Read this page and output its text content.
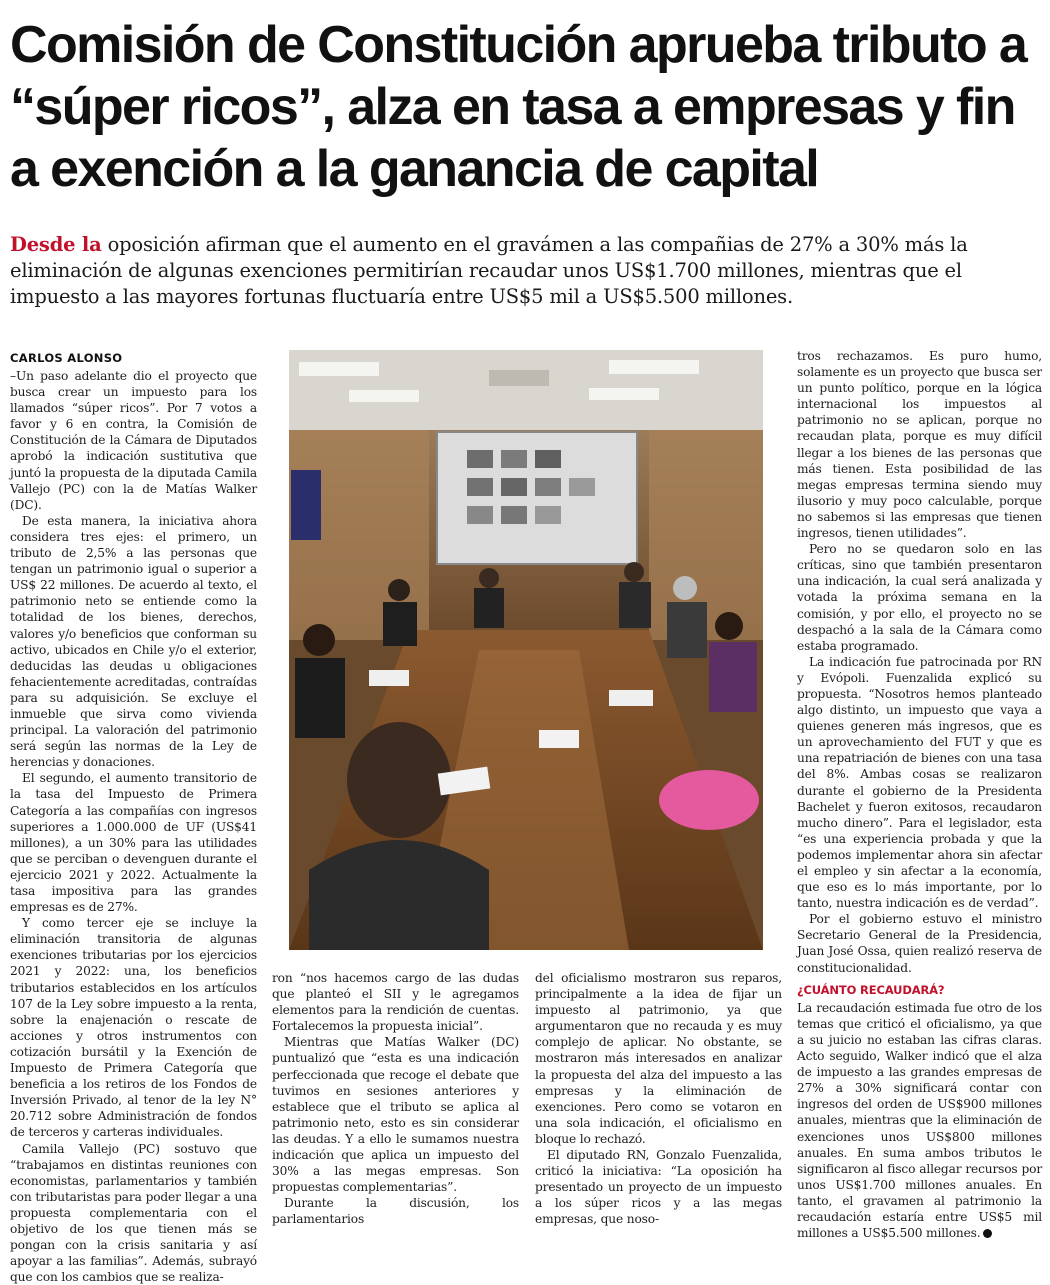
Comisión de Constitución aprueba tributo a “súper ricos”, alza en tasa a empresas y fin a exención a la ganancia de capital

Desde la oposición afirman que el aumento en el gravámen a las compañias de 27% a 30% más la eliminación de algunas exenciones permitirían recaudar unos US$1.700 millones, mientras que el impuesto a las mayores fortunas fluctuaría entre US$5 mil a US$5.500 millones.

CARLOS ALONSO

–Un paso adelante dio el proyecto que busca crear un impuesto para los llamados “súper ricos”. Por 7 votos a favor y 6 en contra, la Comisión de Constitución de la Cámara de Diputados aprobó la indicación sustitutiva que juntó la propuesta de la diputada Camila Vallejo (PC) con la de Matías Walker (DC).

De esta manera, la iniciativa ahora considera tres ejes: el primero, un tributo de 2,5% a las personas que tengan un patrimonio igual o superior a US$ 22 millones. De acuerdo al texto, el patrimonio neto se entiende como la totalidad de los bienes, derechos, valores y/o beneficios que conforman su activo, ubicados en Chile y/o el exterior, deducidas las deudas u obligaciones fehacientemente acreditadas, contraídas para su adquisición. Se excluye el inmueble que sirva como vivienda principal. La valoración del patrimonio será según las normas de la Ley de herencias y donaciones.

El segundo, el aumento transitorio de la tasa del Impuesto de Primera Categoría a las compañías con ingresos superiores a 1.000.000 de UF (US$41 millones), a un 30% para las utilidades que se perciban o devenguen durante el ejercicio 2021 y 2022. Actualmente la tasa impositiva para las grandes empresas es de 27%.

Y como tercer eje se incluye la eliminación transitoria de algunas exenciones tributarias por los ejercicios 2021 y 2022: una, los beneficios tributarios establecidos en los artículos 107 de la Ley sobre impuesto a la renta, sobre la enajenación o rescate de acciones y otros instrumentos con cotización bursátil y la Exención de Impuesto de Primera Categoría que beneficia a los retiros de los Fondos de Inversión Privado, al tenor de la ley N° 20.712 sobre Administración de fondos de terceros y carteras individuales.

Camila Vallejo (PC) sostuvo que “trabajamos en distintas reuniones con economistas, parlamentarios y también con tributaristas para poder llegar a una propuesta complementaria con el objetivo de los que tienen más se pongan con la crisis sanitaria y así apoyar a las familias”. Además, subrayó que con los cambios que se realiza-

ron “nos hacemos cargo de las dudas que planteó el SII y le agregamos elementos para la rendición de cuentas. Fortalecemos la propuesta inicial”.

Mientras que Matías Walker (DC) puntualizó que “esta es una indicación perfeccionada que recoge el debate que tuvimos en sesiones anteriores y establece que el tributo se aplica al patrimonio neto, esto es sin considerar las deudas. Y a ello le sumamos nuestra indicación que aplica un impuesto del 30% a las megas empresas. Son propuestas complementarias”.

Durante la discusión, los parlamentarios

del oficialismo mostraron sus reparos, principalmente a la idea de fijar un impuesto al patrimonio, ya que argumentaron que no recauda y es muy complejo de aplicar. No obstante, se mostraron más interesados en analizar la propuesta del alza del impuesto a las empresas y la eliminación de exenciones. Pero como se votaron en una sola indicación, el oficialismo en bloque lo rechazó.

El diputado RN, Gonzalo Fuenzalida, criticó la iniciativa: “La oposición ha presentado un proyecto de un impuesto a los súper ricos y a las megas empresas, que noso-

tros rechazamos. Es puro humo, solamente es un proyecto que busca ser un punto político, porque en la lógica internacional los impuestos al patrimonio no se aplican, porque no recaudan plata, porque es muy difícil llegar a los bienes de las personas que más tienen. Esta posibilidad de las megas empresas termina siendo muy ilusorio y muy poco calculable, porque no sabemos si las empresas que tienen ingresos, tienen utilidades”.

Pero no se quedaron solo en las críticas, sino que también presentaron una indicación, la cual será analizada y votada la próxima semana en la comisión, y por ello, el proyecto no se despachó a la sala de la Cámara como estaba programado.

La indicación fue patrocinada por RN y Evópoli. Fuenzalida explicó su propuesta. “Nosotros hemos planteado algo distinto, un impuesto que vaya a quienes generen más ingresos, que es un aprovechamiento del FUT y que es una repatriación de bienes con una tasa del 8%. Ambas cosas se realizaron durante el gobierno de la Presidenta Bachelet y fueron exitosos, recaudaron mucho dinero”. Para el legislador, esta “es una experiencia probada y que la podemos implementar ahora sin afectar el empleo y sin afectar a la economía, que eso es lo más importante, por lo tanto, nuestra indicación es de verdad”.

Por el gobierno estuvo el ministro Secretario General de la Presidencia, Juan José Ossa, quien realizó reserva de constitucionalidad.

¿CUÁNTO RECAUDARÁ?

La recaudación estimada fue otro de los temas que criticó el oficialismo, ya que a su juicio no estaban las cifras claras. Acto seguido, Walker indicó que el alza de impuesto a las grandes empresas de 27% a 30% significará contar con ingresos del orden de US$900 millones anuales, mientras que la eliminación de exenciones unos US$800 millones anuales. En suma ambos tributos le significaron al fisco allegar recursos por unos US$1.700 millones anuales. En tanto, el gravamen al patrimonio la recaudación estaría entre US$5 mil millones a US$5.500 millones.
